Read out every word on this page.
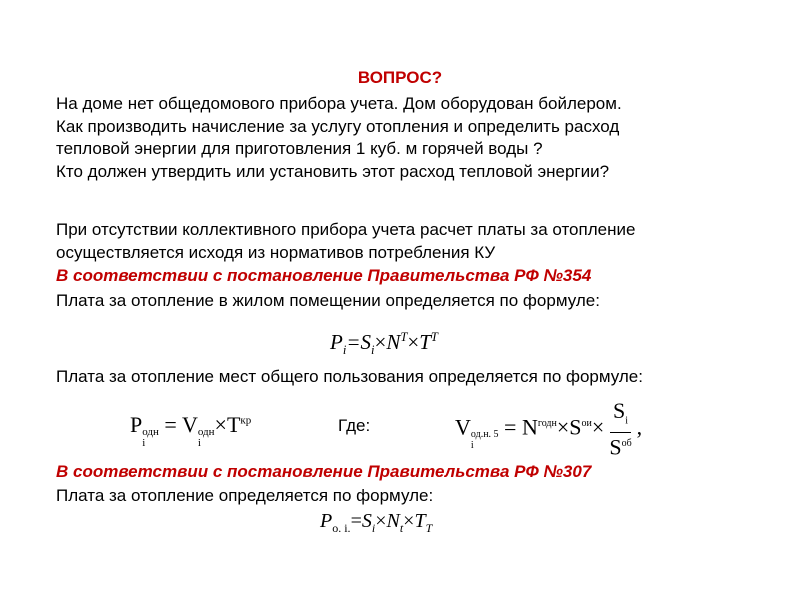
ВОПРОС?
На доме нет общедомового прибора учета. Дом оборудован бойлером.
Как производить начисление за услугу отопления и определить расход
тепловой энергии для приготовления 1 куб. м горячей воды ?
Кто должен утвердить или установить этот расход тепловой энергии?
При отсутствии коллективного прибора учета расчет платы за отопление
осуществляется исходя из нормативов потребления КУ
В соответствии с постановление Правительства РФ №354
Плата за отопление в жилом помещении определяется по формуле:
$P_i=S_i\times N^T\times T^T$
Плата за отопление мест общего пользования определяется по формуле:
P одн
i
= V одн
i
$\times T^{кр}$	Где:	V од.н. 5
i
= $N^{годн}\times S^{ои}\times \frac{S_i}{S^{об}}$ ,
В соответствии с постановление Правительства РФ №307
Плата за отопление определяется по формуле:
$P_{о. i.}=S_i\times N_t\times T_T$
